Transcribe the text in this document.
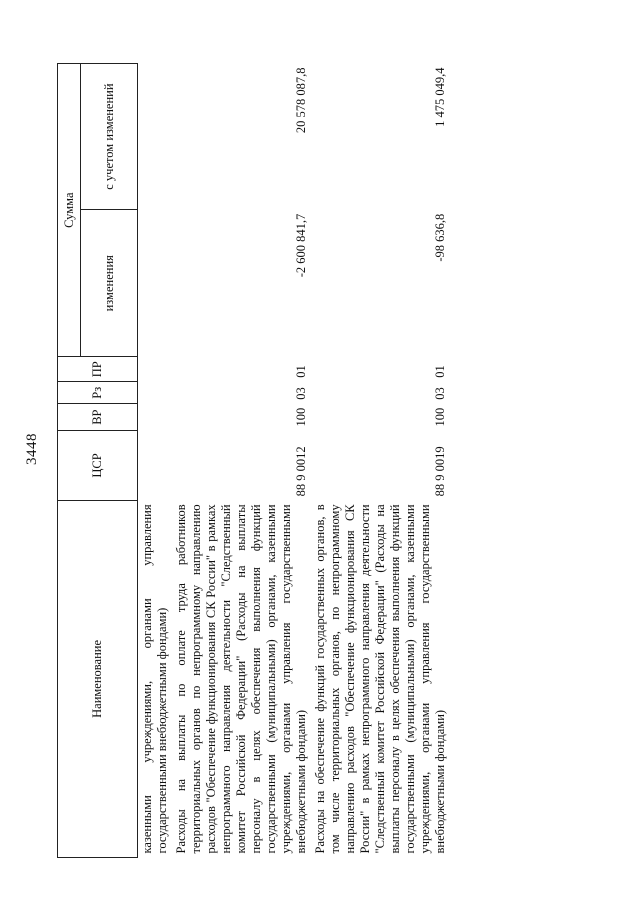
3448
Наименование	ЦСР	ВР	Рз	ПР	Сумма	
					изменения	с учетом изменений
казенными учреждениями, органами управления государственными внебюджетными фондами)						
Расходы на выплаты по оплате труда работников территориальных органов по непрограммному направлению расходов "Обеспечение функционирования СК России" в рамках непрограммного направления деятельности "Следственный комитет Российской Федерации" (Расходы на выплаты персоналу в целях обеспечения выполнения функций государственными (муниципальными) органами, казенными учреждениями, органами управления государственными внебюджетными фондами)	88 9 0012	100	03	01	-2 600 841,7	20 578 087,8
Расходы на обеспечение функций государственных органов, в том числе территориальных органов, по непрограммному направлению расходов "Обеспечение функционирования СК России" в рамках непрограммного направления деятельности "Следственный комитет Российской Федерации" (Расходы на выплаты персоналу в целях обеспечения выполнения функций государственными (муниципальными) органами, казенными учреждениями, органами управления государственными внебюджетными фондами)	88 9 0019	100	03	01	-98 636,8	1 475 049,4
